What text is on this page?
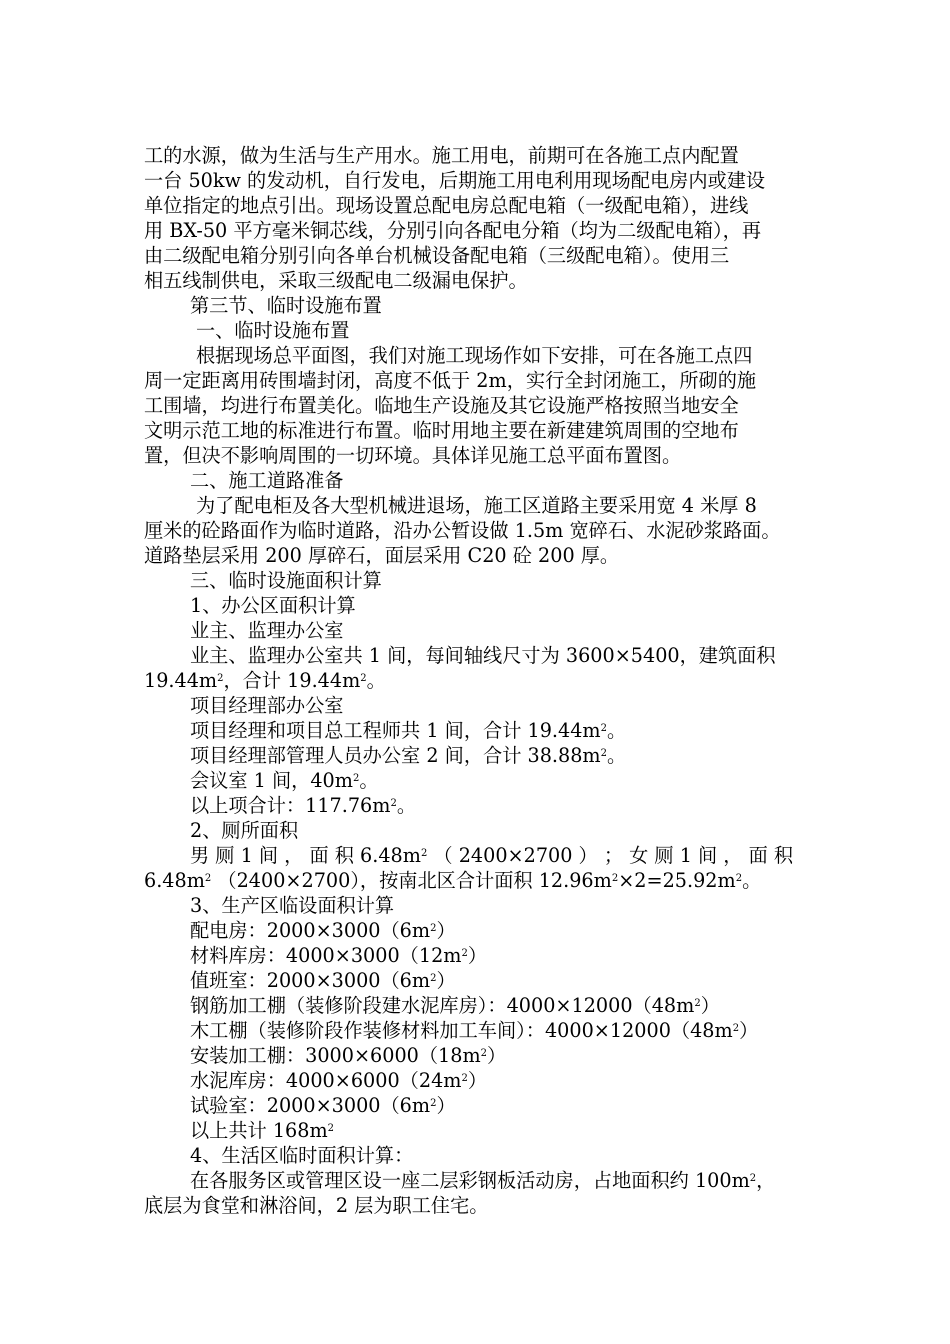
工的水源，做为生活与生产用水。施工用电，前期可在各施工点内配置
一台 50kw 的发动机，自行发电，后期施工用电利用现场配电房内或建设
单位指定的地点引出。现场设置总配电房总配电箱（一级配电箱），进线
用 BX-50 平方毫米铜芯线，分别引向各配电分箱（均为二级配电箱），再
由二级配电箱分别引向各单台机械设备配电箱（三级配电箱）。使用三
相五线制供电，采取三级配电二级漏电保护。
第三节、临时设施布置
一、临时设施布置
根据现场总平面图，我们对施工现场作如下安排，可在各施工点四
周一定距离用砖围墙封闭，高度不低于 2m，实行全封闭施工，所砌的施
工围墙，均进行布置美化。临地生产设施及其它设施严格按照当地安全
文明示范工地的标准进行布置。临时用地主要在新建建筑周围的空地布
置，但决不影响周围的一切环境。具体详见施工总平面布置图。
二、施工道路准备
为了配电柜及各大型机械进退场，施工区道路主要采用宽 4 米厚 8
厘米的砼路面作为临时道路，沿办公暂设做 1.5m 宽碎石、水泥砂浆路面。
道路垫层采用 200 厚碎石，面层采用 C20 砼 200 厚。
三、临时设施面积计算
1、办公区面积计算
业主、监理办公室
业主、监理办公室共 1 间，每间轴线尺寸为 3600×5400，建筑面积
$19.44m^2$，合计 $19.44m^2$。
项目经理部办公室
项目经理和项目总工程师共 1 间，合计 $19.44m^2$。
项目经理部管理人员办公室 2 间，合计 $38.88m^2$。
会议室 1 间，$40m^2$。
以上项合计：$117.76m^2$。
2、厕所面积
男 厕 1 间 ， 面 积 $6.48m^2$ （ 2400×2700 ） ； 女 厕 1 间 ， 面 积
$6.48m^2$ （2400×2700），按南北区合计面积 $12.96m^2\times 2=25.92m^2$。
3、生产区临设面积计算
配电房：$2000\times 3000(6m^2)$
材料库房：$4000\times 3000(12m^2)$
值班室：$2000\times 3000(6m^2)$
钢筋加工棚（装修阶段建水泥库房）：$4000\times 12000(48m^2)$
木工棚（装修阶段作装修材料加工车间）：$4000\times 12000(48m^2)$
安装加工棚：$3000\times 6000(18m^2)$
水泥库房：$4000\times 6000(24m^2)$
试验室：$2000\times 3000(6m^2)$
以上共计 $168m^2$
4、生活区临时面积计算：
在各服务区或管理区设一座二层彩钢板活动房，占地面积约 $100m^2$，
底层为食堂和淋浴间，2 层为职工住宅。
